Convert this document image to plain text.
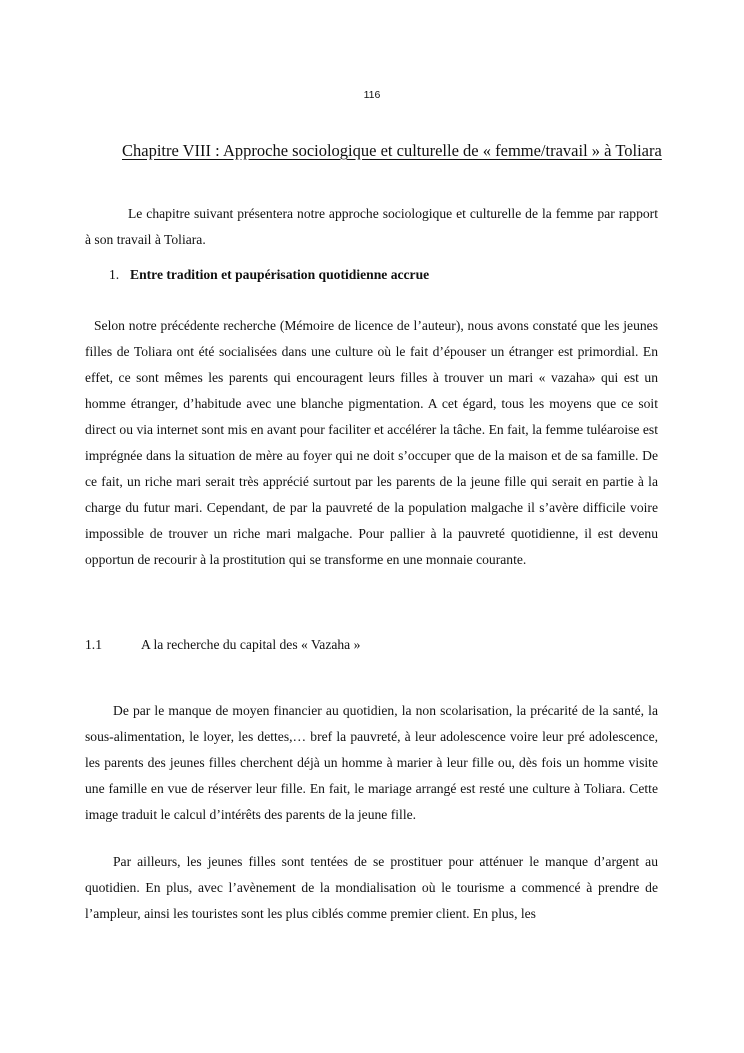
116
Chapitre VIII : Approche sociologique et culturelle de « femme/travail » à Toliara

Le chapitre suivant présentera notre approche sociologique et culturelle de la femme par rapport à son travail à Toliara.

1. Entre tradition et paupérisation quotidienne accrue

Selon notre précédente recherche (Mémoire de licence de l’auteur), nous avons constaté que les jeunes filles de Toliara ont été socialisées dans une culture où le fait d’épouser un étranger est primordial. En effet, ce sont mêmes les parents qui encouragent leurs filles à trouver un mari « vazaha» qui est un homme étranger, d’habitude avec une blanche pigmentation. A cet égard, tous les moyens que ce soit direct ou via internet sont mis en avant pour faciliter et accélérer la tâche. En fait, la femme tuléaroise est imprégnée dans la situation de mère au foyer qui ne doit s’occuper que de la maison et de sa famille. De ce fait, un riche mari serait très apprécié surtout par les parents de la jeune fille qui serait en partie à la charge du futur mari. Cependant, de par la pauvreté de la population malgache il s’avère difficile voire impossible de trouver un riche mari malgache. Pour pallier à la pauvreté quotidienne, il est devenu opportun de recourir à la prostitution qui se transforme en une monnaie courante.

1.1	A la recherche du capital des « Vazaha »

De par le manque de moyen financier au quotidien, la non scolarisation, la précarité de la santé, la sous-alimentation, le loyer, les dettes,… bref la pauvreté, à leur adolescence voire leur pré adolescence, les parents des jeunes filles cherchent déjà un homme à marier à leur fille ou, dès fois un homme visite une famille en vue de réserver leur fille. En fait, le mariage arrangé est resté une culture à Toliara. Cette image traduit le calcul d’intérêts des parents de la jeune fille.

Par ailleurs, les jeunes filles sont tentées de se prostituer pour atténuer le manque d’argent au quotidien. En plus, avec l’avènement de la mondialisation où le tourisme a commencé à prendre de l’ampleur, ainsi les touristes sont les plus ciblés comme premier client. En plus, les
